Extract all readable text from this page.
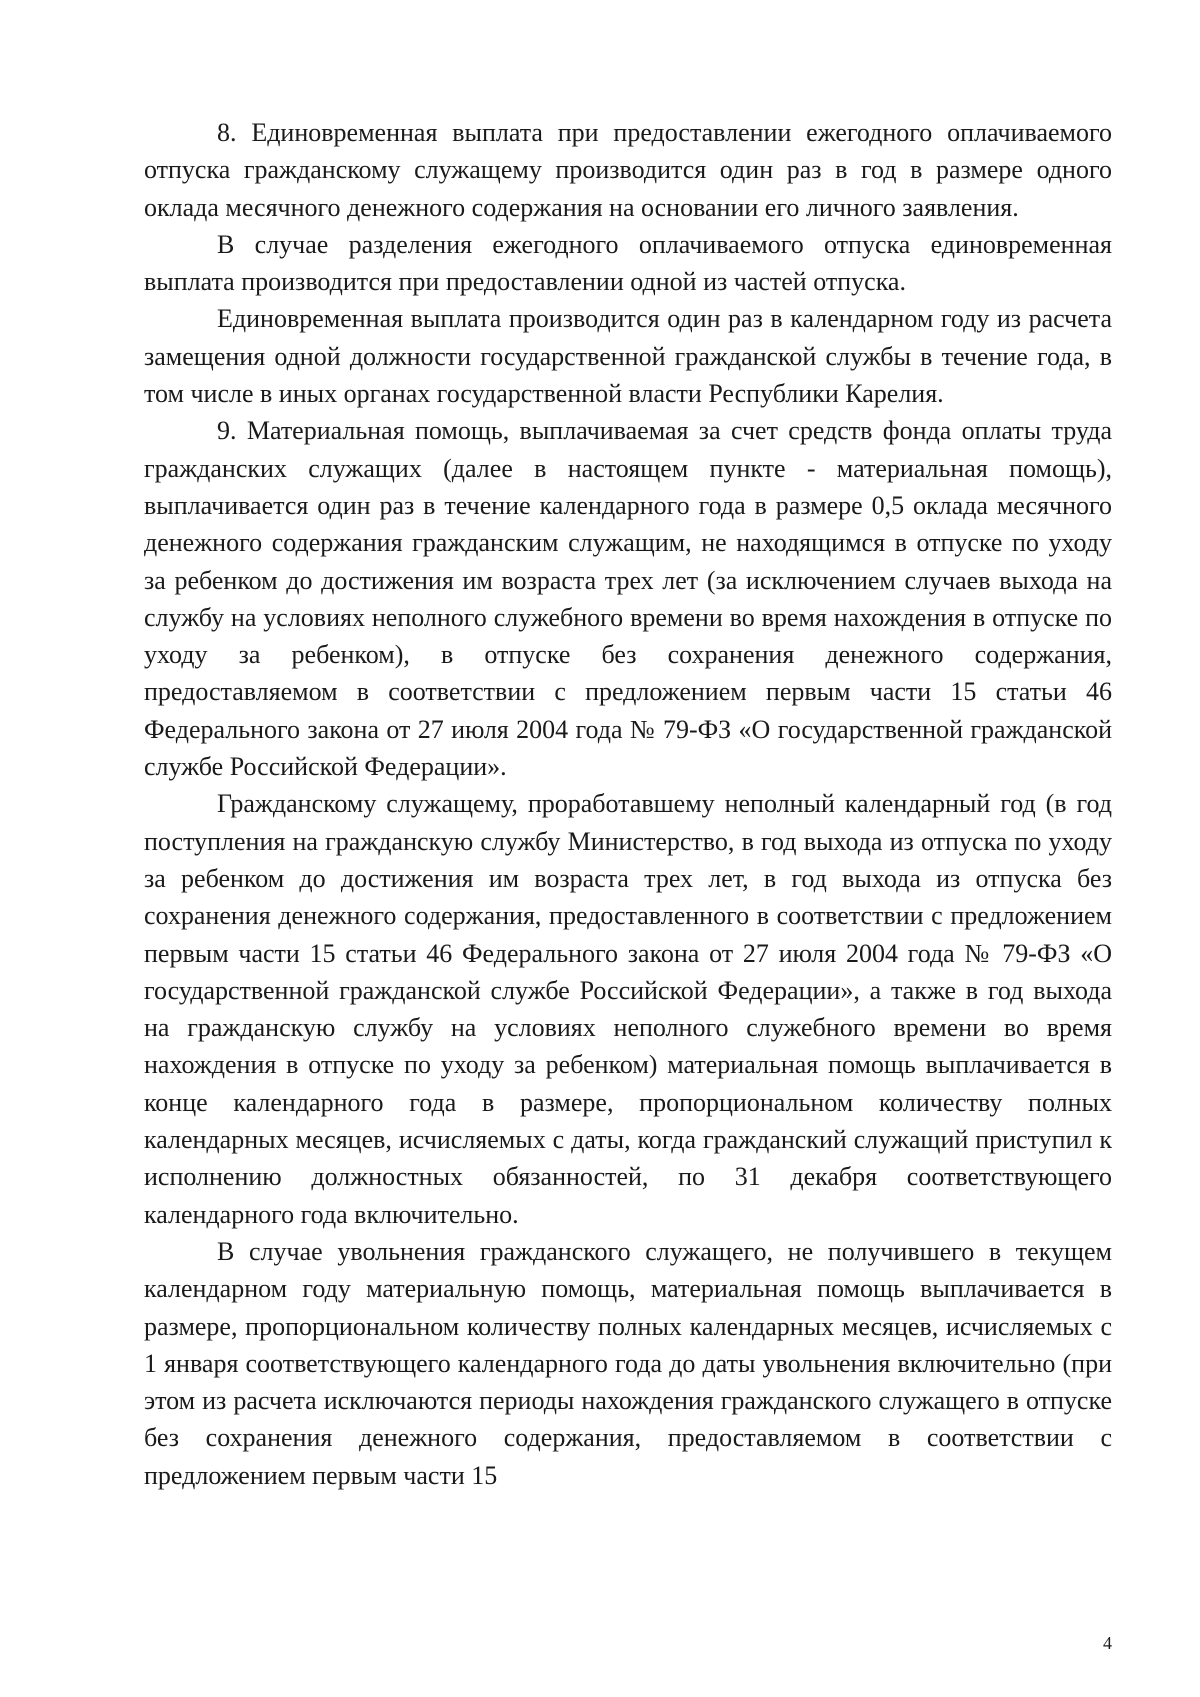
8. Единовременная выплата при предоставлении ежегодного оплачиваемого отпуска гражданскому служащему производится один раз в год в размере одного оклада месячного денежного содержания на основании его личного заявления.

В случае разделения ежегодного оплачиваемого отпуска единовременная выплата производится при предоставлении одной из частей отпуска.

Единовременная выплата производится один раз в календарном году из расчета замещения одной должности государственной гражданской службы в течение года, в том числе в иных органах государственной власти Республики Карелия.

9. Материальная помощь, выплачиваемая за счет средств фонда оплаты труда гражданских служащих (далее в настоящем пункте - материальная помощь), выплачивается один раз в течение календарного года в размере 0,5 оклада месячного денежного содержания гражданским служащим, не находящимся в отпуске по уходу за ребенком до достижения им возраста трех лет (за исключением случаев выхода на службу на условиях неполного служебного времени во время нахождения в отпуске по уходу за ребенком), в отпуске без сохранения денежного содержания, предоставляемом в соответствии с предложением первым части 15 статьи 46 Федерального закона от 27 июля 2004 года № 79-ФЗ «О государственной гражданской службе Российской Федерации».

Гражданскому служащему, проработавшему неполный календарный год (в год поступления на гражданскую службу Министерство, в год выхода из отпуска по уходу за ребенком до достижения им возраста трех лет, в год выхода из отпуска без сохранения денежного содержания, предоставленного в соответствии с предложением первым части 15 статьи 46 Федерального закона от 27 июля 2004 года № 79-ФЗ «О государственной гражданской службе Российской Федерации», а также в год выхода на гражданскую службу на условиях неполного служебного времени во время нахождения в отпуске по уходу за ребенком) материальная помощь выплачивается в конце календарного года в размере, пропорциональном количеству полных календарных месяцев, исчисляемых с даты, когда гражданский служащий приступил к исполнению должностных обязанностей, по 31 декабря соответствующего календарного года включительно.

В случае увольнения гражданского служащего, не получившего в текущем календарном году материальную помощь, материальная помощь выплачивается в размере, пропорциональном количеству полных календарных месяцев, исчисляемых с 1 января соответствующего календарного года до даты увольнения включительно (при этом из расчета исключаются периоды нахождения гражданского служащего в отпуске без сохранения денежного содержания, предоставляемом в соответствии с предложением первым части 15

4
